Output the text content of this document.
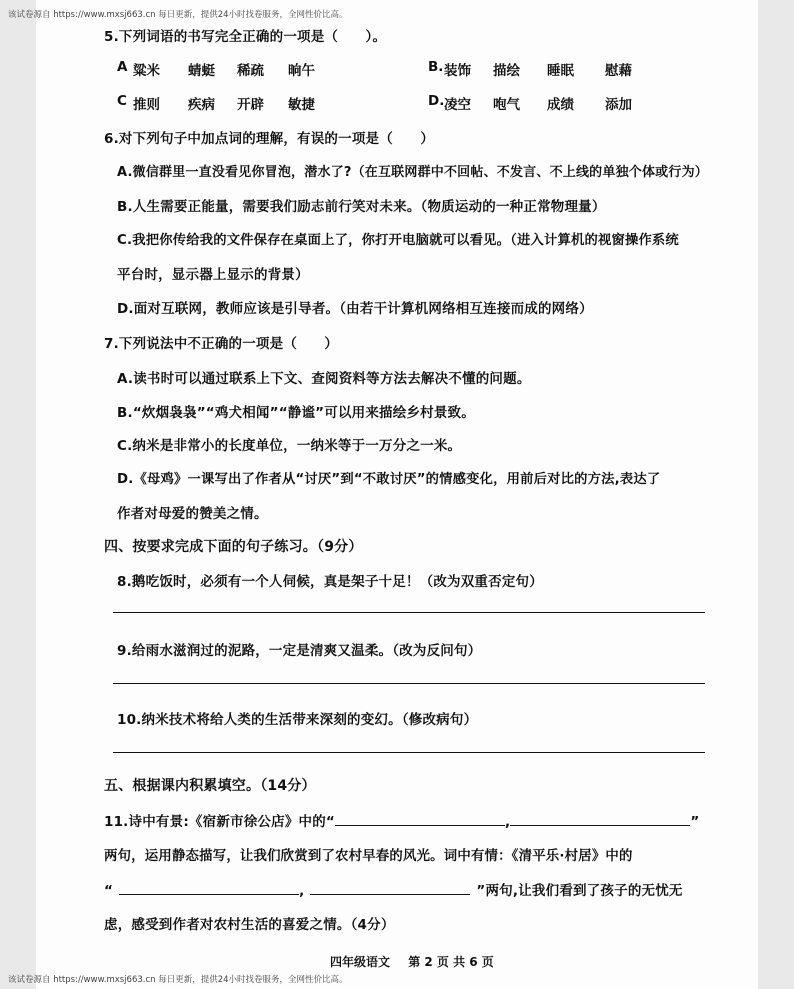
该试卷源自 https://www.mxsj663.cn 每日更新，提供24小时找卷服务，全网性价比高。
5.下列词语的书写完全正确的一项是（　　）。
A 粱米 蜻蜓 稀疏 晌午	B. 装饰 描绘 睡眠 慰藉
C 推则 疾病 开辟 敏捷	D. 凌空 咆气 成绩 添加
6.对下列句子中加点词的理解，有误的一项是（　　）
A.微信群里一直没看见你冒泡，潜水了?（在互联网群中不回帖、不发言、不上线的单独个体或行为）
B.人生需要正能量，需要我们励志前行笑对未来。（物质运动的一种正常物理量）
C.我把你传给我的文件保存在桌面上了，你打开电脑就可以看见。（进入计算机的视窗操作系统
平台时，显示器上显示的背景）
D.面对互联网，教师应该是引导者。（由若干计算机网络相互连接而成的网络）
7.下列说法中不正确的一项是（　　）
A.读书时可以通过联系上下文、查阅资料等方法去解决不懂的问题。
B.“炊烟袅袅”“鸡犬相闻”“静谧”可以用来描绘乡村景致。
C.纳米是非常小的长度单位，一纳米等于一万分之一米。
D.《母鸡》一课写出了作者从“讨厌”到“不敢讨厌”的情感变化，用前后对比的方法,表达了
作者对母爱的赞美之情。
四、按要求完成下面的句子练习。（9分）
8.鹅吃饭时，必须有一个人伺候，真是架子十足！（改为双重否定句）
9.给雨水滋润过的泥路，一定是清爽又温柔。（改为反问句）
10.纳米技术将给人类的生活带来深刻的变幻。（修改病句）
五、根据课内积累填空。（14分）
11.诗中有景:《宿新市徐公店》中的“	,	”
两句，运用静态描写，让我们欣赏到了农村早春的风光。词中有情：《清平乐·村居》中的
“	,	”两句,让我们看到了孩子的无忧无
虑，感受到作者对农村生活的喜爱之情。（4分）
四年级语文 第 2 页 共 6 页
该试卷源自 https://www.mxsj663.cn 每日更新，提供24小时找卷服务，全网性价比高。
